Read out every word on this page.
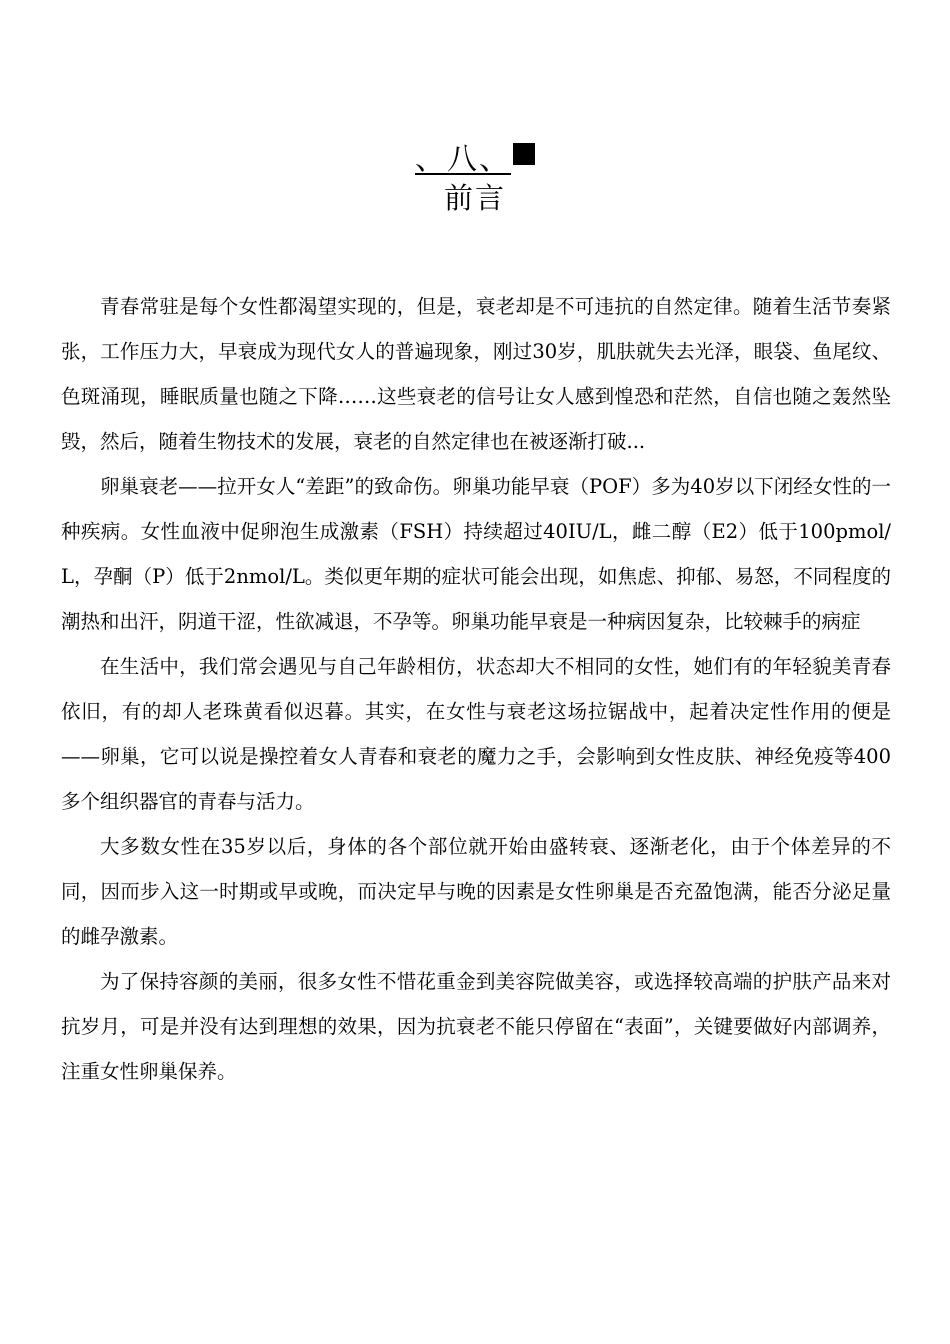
、八、
前言

青春常驻是每个女性都渴望实现的，但是，衰老却是不可违抗的自然定律。随着生活节奏紧张，工作压力大，早衰成为现代女人的普遍现象，刚过30岁，肌肤就失去光泽，眼袋、鱼尾纹、色斑涌现，睡眠质量也随之下降……这些衰老的信号让女人感到惶恐和茫然，自信也随之轰然坠毁，然后，随着生物技术的发展，衰老的自然定律也在被逐渐打破...

卵巢衰老——拉开女人“差距”的致命伤。卵巢功能早衰（POF）多为40岁以下闭经女性的一种疾病。女性血液中促卵泡生成激素（FSH）持续超过40IU/L，雌二醇（E2）低于100pmol/L，孕酮（P）低于2nmol/L。类似更年期的症状可能会出现，如焦虑、抑郁、易怒，不同程度的潮热和出汗，阴道干涩，性欲减退，不孕等。卵巢功能早衰是一种病因复杂，比较棘手的病症

在生活中，我们常会遇见与自己年龄相仿，状态却大不相同的女性，她们有的年轻貌美青春依旧，有的却人老珠黄看似迟暮。其实，在女性与衰老这场拉锯战中，起着决定性作用的便是——卵巢，它可以说是操控着女人青春和衰老的魔力之手，会影响到女性皮肤、神经免疫等400多个组织器官的青春与活力。

大多数女性在35岁以后，身体的各个部位就开始由盛转衰、逐渐老化，由于个体差异的不同，因而步入这一时期或早或晚，而决定早与晚的因素是女性卵巢是否充盈饱满，能否分泌足量的雌孕激素。

为了保持容颜的美丽，很多女性不惜花重金到美容院做美容，或选择较高端的护肤产品来对抗岁月，可是并没有达到理想的效果，因为抗衰老不能只停留在“表面”，关键要做好内部调养，注重女性卵巢保养。
